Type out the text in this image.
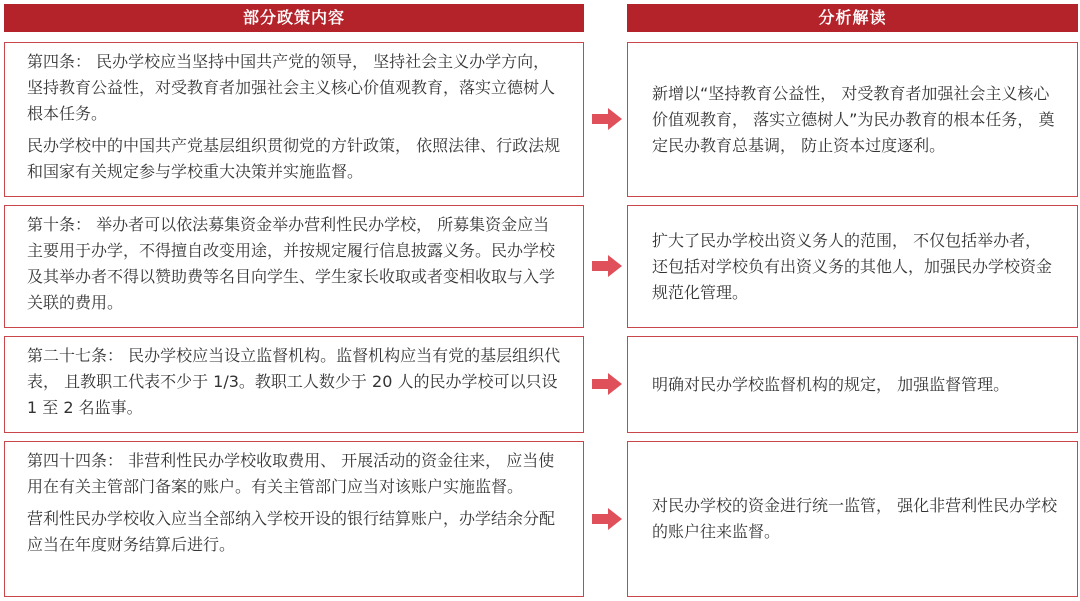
部分政策内容	分析解读

第四条： 民办学校应当坚持中国共产党的领导， 坚持社会主义办学方向，坚持教育公益性，对受教育者加强社会主义核心价值观教育，落实立德树人根本任务。

民办学校中的中国共产党基层组织贯彻党的方针政策， 依照法律、行政法规和国家有关规定参与学校重大决策并实施监督。

新增以“坚持教育公益性， 对受教育者加强社会主义核心价值观教育， 落实立德树人”为民办教育的根本任务， 奠定民办教育总基调， 防止资本过度逐利。

第十条： 举办者可以依法募集资金举办营利性民办学校， 所募集资金应当主要用于办学，不得擅自改变用途，并按规定履行信息披露义务。民办学校及其举办者不得以赞助费等名目向学生、学生家长收取或者变相收取与入学关联的费用。

扩大了民办学校出资义务人的范围， 不仅包括举办者， 还包括对学校负有出资义务的其他人，加强民办学校资金规范化管理。

第二十七条： 民办学校应当设立监督机构。监督机构应当有党的基层组织代表， 且教职工代表不少于 1/3。教职工人数少于 20 人的民办学校可以只设 1 至 2 名监事。

明确对民办学校监督机构的规定， 加强监督管理。

第四十四条： 非营利性民办学校收取费用、 开展活动的资金往来， 应当使用在有关主管部门备案的账户。有关主管部门应当对该账户实施监督。

营利性民办学校收入应当全部纳入学校开设的银行结算账户，办学结余分配应当在年度财务结算后进行。

对民办学校的资金进行统一监管， 强化非营利性民办学校的账户往来监督。
